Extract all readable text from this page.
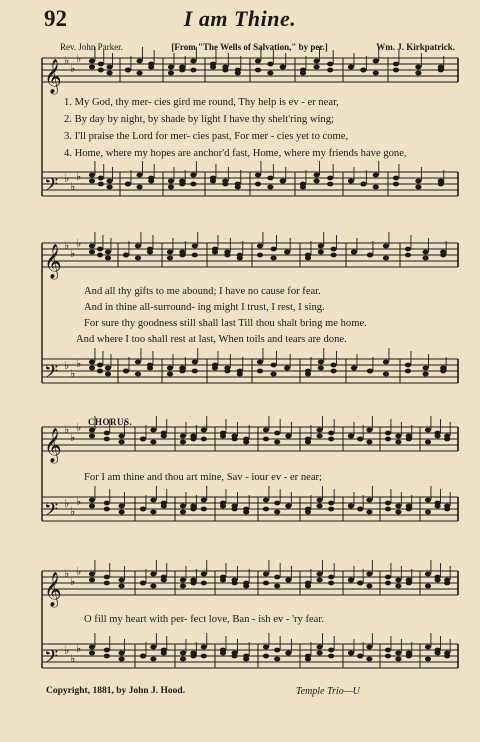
92	I am Thine.
Rev. John Parker.	[From "The Wells of Salvation," by per.]	Wm. J. Kirkpatrick.
𝄞 ♭
♭
♭
𝄢 ♭
♭
♭
𝄞 ♭
♭
♭
𝄢 ♭
♭
♭
𝄞 ♭
♭
♭
𝄢 ♭
♭
♭
𝄞 ♭
♭
♭
𝄢 ♭
♭
♭
1. My God, thy mer- cies gird me round, Thy help is ev - er near,
2. By day by night, by shade by light I have thy shelt'ring wing;
3. I'll praise the Lord for mer- cies past, For mer - cies yet to come,
4. Home, where my hopes are anchor'd fast, Home, where my friends have gone,
And all thy gifts to me abound; I have no cause for fear.
And in thine all-surround- ing might I trust, I rest, I sing.
For sure thy goodness still shall last Till thou shalt bring me home.
And where I too shall rest at last, When toils and tears are done.
CHORUS.
For I am thine and thou art mine, Sav - iour ev - er near;
O fill my heart with per- fect love, Ban - ish ev - 'ry fear.
Copyright, 1881, by John J. Hood.	Temple Trio—U
